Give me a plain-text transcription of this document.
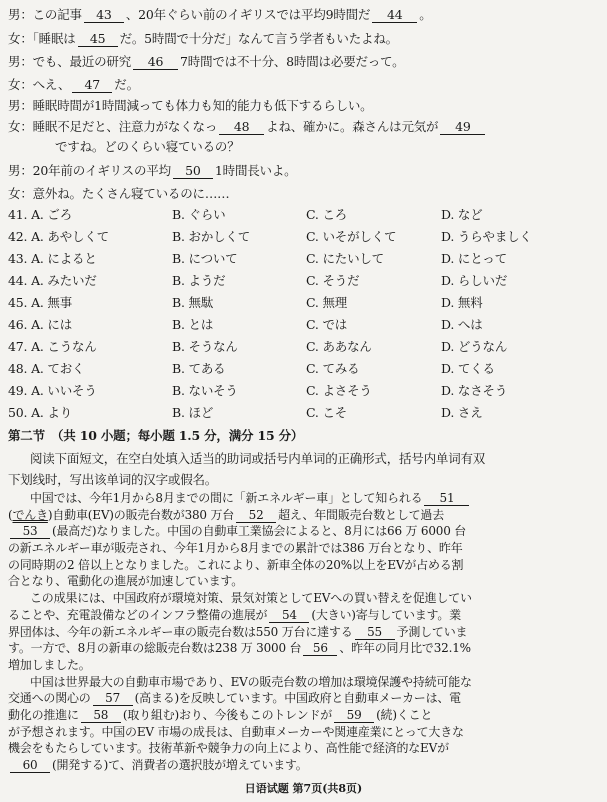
男：この記事 43 、20年ぐらい前のイギリスでは平均9時間だ 44 。
女：「睡眠は 45 だ。5時間で十分だ」なんて言う学者もいたよね。
男：でも、最近の研究 46 7時間では不十分、8時間は必要だって。
女：へえ、 47 だ。
男：睡眠時間が1時間減っても体力も知的能力も低下するらしい。
女：睡眠不足だと、注意力がなくなっ 48 よね、確かに。森さんは元気が 49
ですね。どのくらい寝ているの？
男：20年前のイギリスの平均 50 1時間長いよ。
女：意外ね。たくさん寝ているのに……
41. A. ごろ	B. ぐらい	C. ころ	D. など
42. A. あやしくて	B. おかしくて	C. いそがしくて	D. うらやましく
43. A. によると	B. について	C. にたいして	D. にとって
44. A. みたいだ	B. ようだ	C. そうだ	D. らしいだ
45. A. 無事	B. 無駄	C. 無理	D. 無料
46. A. には	B. とは	C. では	D. へは
47. A. こうなん	B. そうなん	C. ああなん	D. どうなん
48. A. ておく	B. てある	C. てみる	D. てくる
49. A. いいそう	B. ないそう	C. よさそう	D. なさそう
50. A. より	B. ほど	C. こそ	D. さえ
第二节　（共 10 小题；每小题 1.5 分，满分 15 分）
阅读下面短文，在空白处填入适当的助词或括号内单词的正确形式，括号内单词有双
下划线时，写出该单词的汉字或假名。
中国では、今年1月から8月までの間に「新エネルギー車」として知られる 51
(でんき)自動車(EV)の販売台数が380 万台 52 超え、年間販売台数として過去
53 (最高だ)なりました。中国の自動車工業協会によると、8月には66 万 6000 台
の新エネルギー車が販売され、今年1月から8月までの累計では386 万台となり、昨年
の同時期の2 倍以上となりました。これにより、新車全体の20%以上をEVが占める割
合となり、電動化の進展が加速しています。
この成果には、中国政府が環境対策、景気対策としてEVへの買い替えを促進してい
ることや、充電設備などのインフラ整備の進展が 54 (大きい)寄与しています。業
界団体は、今年の新エネルギー車の販売台数は550 万台に達する 55 予測していま
す。一方で、8月の新車の総販売台数は238 万 3000 台 56 、昨年の同月比で32.1%
増加しました。
中国は世界最大の自動車市場であり、EVの販売台数の増加は環境保護や持続可能な
交通への関心の 57 (高まる)を反映しています。中国政府と自動車メーカーは、電
動化の推進に 58 (取り組む)おり、今後もこのトレンドが 59 (続)くこと
が予想されます。中国のEV 市場の成長は、自動車メーカーや関連産業にとって大きな
機会をもたらしています。技術革新や競争力の向上により、高性能で経済的なEVが
60 (開発する)て、消費者の選択肢が増えています。
日语试题 第7页(共8页)
